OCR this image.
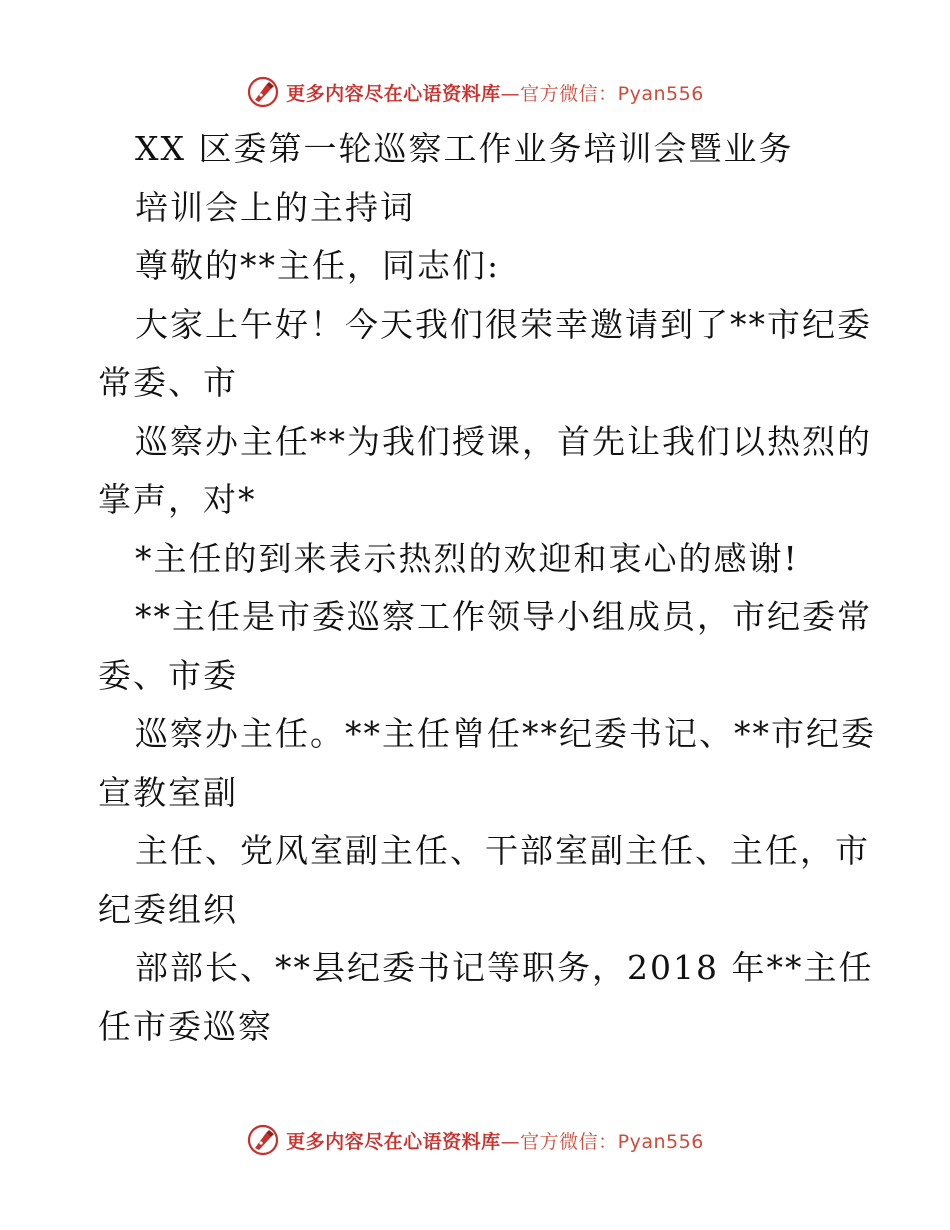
更多内容尽在心语资料库—官方微信：Pyan556
XX 区委第一轮巡察工作业务培训会暨业务
培训会上的主持词
尊敬的**主任，同志们:
大家上午好！今天我们很荣幸邀请到了**市纪委
常委、市
巡察办主任**为我们授课，首先让我们以热烈的
掌声，对*
*主任的到来表示热烈的欢迎和衷心的感谢!
**主任是市委巡察工作领导小组成员，市纪委常
委、市委
巡察办主任。**主任曾任**纪委书记、**市纪委
宣教室副
主任、党风室副主任、干部室副主任、主任，市
纪委组织
部部长、**县纪委书记等职务，2018 年**主任
任市委巡察
更多内容尽在心语资料库—官方微信：Pyan556
